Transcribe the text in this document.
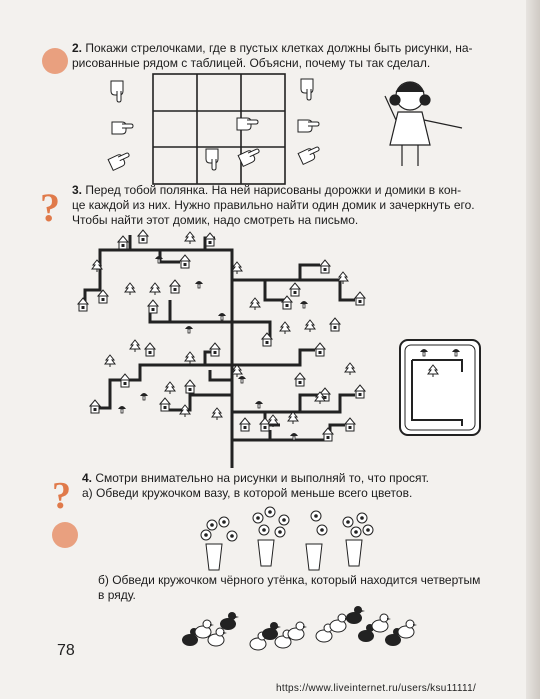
2. Покажи стрелочками, где в пустых клетках должны быть рисунки, на-
рисованные рядом с таблицей. Объясни, почему ты так сделал.
? 3. Перед тобой полянка. На ней нарисованы дорожки и домики в кон-
це каждой из них. Нужно правильно найти один домик и зачеркнуть его.
Чтобы найти этот домик, надо смотреть на письмо.
? 4. Смотри внимательно на рисунки и выполняй то, что просят.
а) Обведи кружочком вазу, в которой меньше всего цветов.
б) Обведи кружочком чёрного утёнка, который находится четвертым
в ряду.
78
https://www.liveinternet.ru/users/ksu11111/
